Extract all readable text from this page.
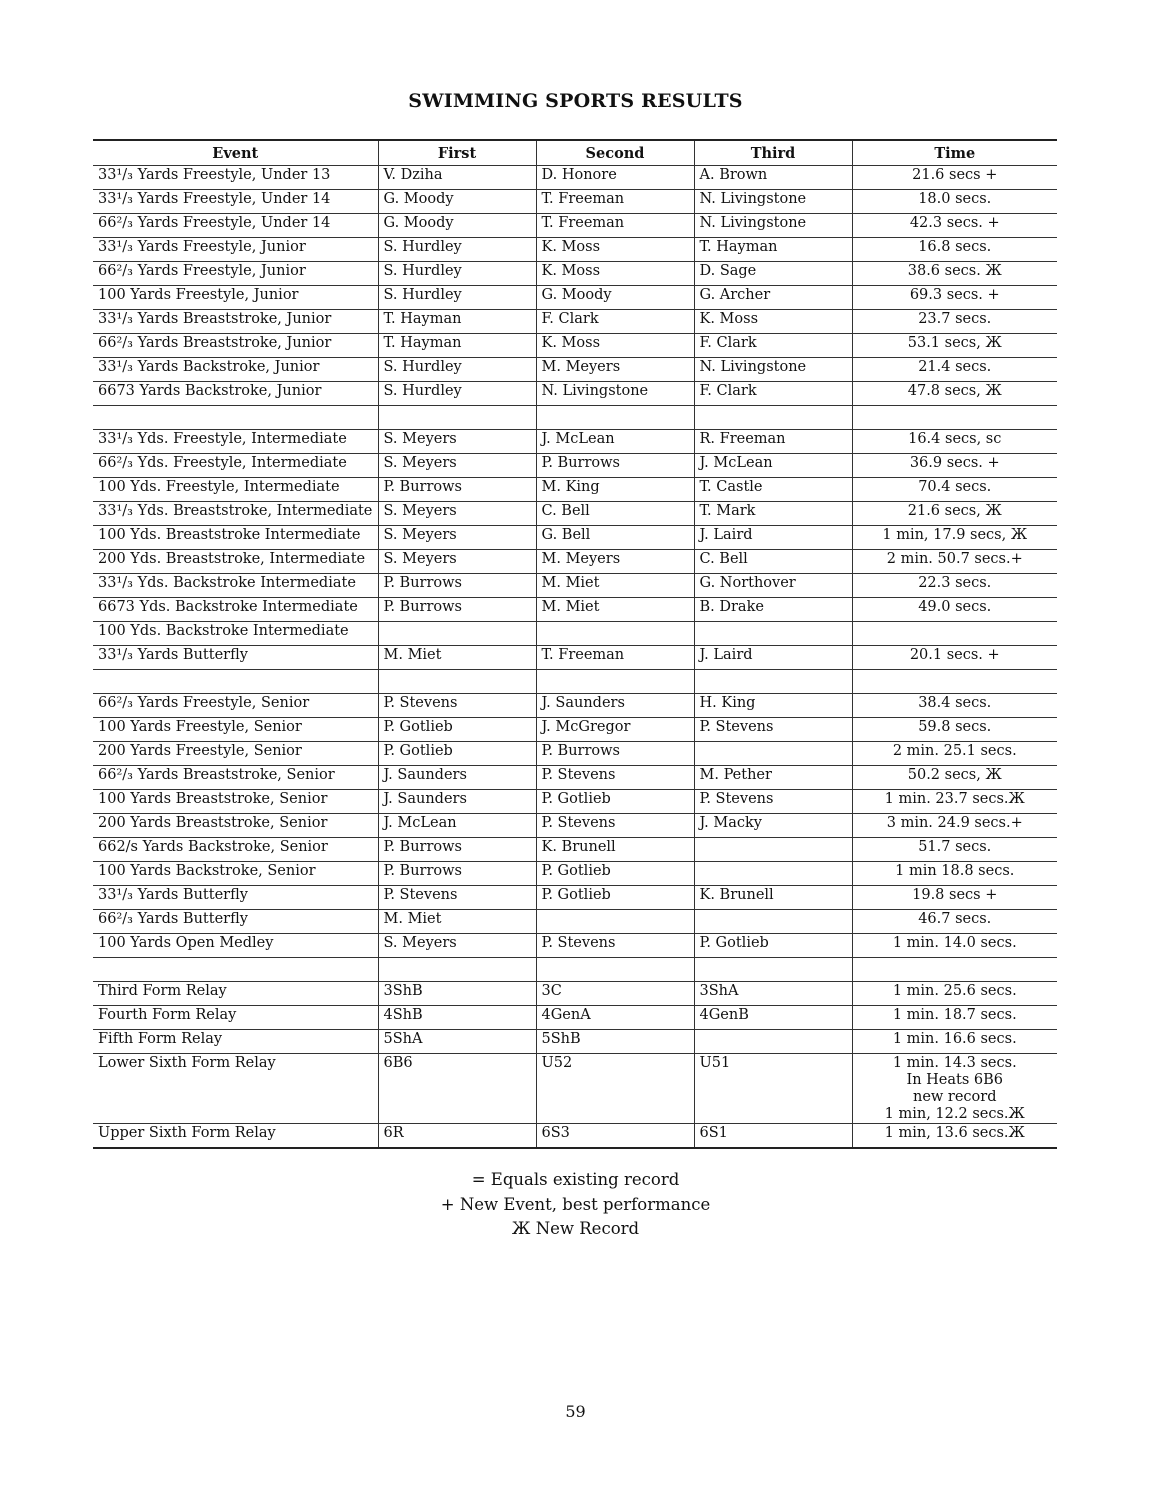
SWIMMING SPORTS RESULTS
Event	First	Second	Third	Time
33¹/₃ Yards Freestyle, Under 13	V. Dziha	D. Honore	A. Brown	21.6 secs +
33¹/₃ Yards Freestyle, Under 14	G. Moody	T. Freeman	N. Livingstone	18.0 secs.
66²/₃ Yards Freestyle, Under 14	G. Moody	T. Freeman	N. Livingstone	42.3 secs. +
33¹/₃ Yards Freestyle, Junior	S. Hurdley	K. Moss	T. Hayman	16.8 secs.
66²/₃ Yards Freestyle, Junior	S. Hurdley	K. Moss	D. Sage	38.6 secs. Ж
100 Yards Freestyle, Junior	S. Hurdley	G. Moody	G. Archer	69.3 secs. +
33¹/₃ Yards Breaststroke, Junior	T. Hayman	F. Clark	K. Moss	23.7 secs.
66²/₃ Yards Breaststroke, Junior	T. Hayman	K. Moss	F. Clark	53.1 secs, Ж
33¹/₃ Yards Backstroke, Junior	S. Hurdley	M. Meyers	N. Livingstone	21.4 secs.
6673 Yards Backstroke, Junior	S. Hurdley	N. Livingstone	F. Clark	47.8 secs, Ж

33¹/₃ Yds. Freestyle, Intermediate	S. Meyers	J. McLean	R. Freeman	16.4 secs, sc
66²/₃ Yds. Freestyle, Intermediate	S. Meyers	P. Burrows	J. McLean	36.9 secs. +
100 Yds. Freestyle, Intermediate	P. Burrows	M. King	T. Castle	70.4 secs.
33¹/₃ Yds. Breaststroke, Intermediate	S. Meyers	C. Bell	T. Mark	21.6 secs, Ж
100 Yds. Breaststroke Intermediate	S. Meyers	G. Bell	J. Laird	1 min, 17.9 secs, Ж
200 Yds. Breaststroke, Intermediate	S. Meyers	M. Meyers	C. Bell	2 min. 50.7 secs.+
33¹/₃ Yds. Backstroke Intermediate	P. Burrows	M. Miet	G. Northover	22.3 secs.
6673 Yds. Backstroke Intermediate	P. Burrows	M. Miet	B. Drake	49.0 secs.
100 Yds. Backstroke Intermediate				
33¹/₃ Yards Butterfly	M. Miet	T. Freeman	J. Laird	20.1 secs. +

66²/₃ Yards Freestyle, Senior	P. Stevens	J. Saunders	H. King	38.4 secs.
100 Yards Freestyle, Senior	P. Gotlieb	J. McGregor	P. Stevens	59.8 secs.
200 Yards Freestyle, Senior	P. Gotlieb	P. Burrows		2 min. 25.1 secs.
66²/₃ Yards Breaststroke, Senior	J. Saunders	P. Stevens	M. Pether	50.2 secs, Ж
100 Yards Breaststroke, Senior	J. Saunders	P. Gotlieb	P. Stevens	1 min. 23.7 secs.Ж
200 Yards Breaststroke, Senior	J. McLean	P. Stevens	J. Macky	3 min. 24.9 secs.+
662/s Yards Backstroke, Senior	P. Burrows	K. Brunell		51.7 secs.
100 Yards Backstroke, Senior	P. Burrows	P. Gotlieb		1 min 18.8 secs.
33¹/₃ Yards Butterfly	P. Stevens	P. Gotlieb	K. Brunell	19.8 secs +
66²/₃ Yards Butterfly	M. Miet			46.7 secs.
100 Yards Open Medley	S. Meyers	P. Stevens	P. Gotlieb	1 min. 14.0 secs.

Third Form Relay	3ShB	3C	3ShA	1 min. 25.6 secs.
Fourth Form Relay	4ShB	4GenA	4GenB	1 min. 18.7 secs.
Fifth Form Relay	5ShA	5ShB		1 min. 16.6 secs.
Lower Sixth Form Relay	6B6	U52	U51	1 min. 14.3 secs.
In Heats 6B6
new record
1 min, 12.2 secs.Ж
Upper Sixth Form Relay	6R	6S3	6S1	1 min, 13.6 secs.Ж
= Equals existing record
+ New Event, best performance
Ж New Record
59
